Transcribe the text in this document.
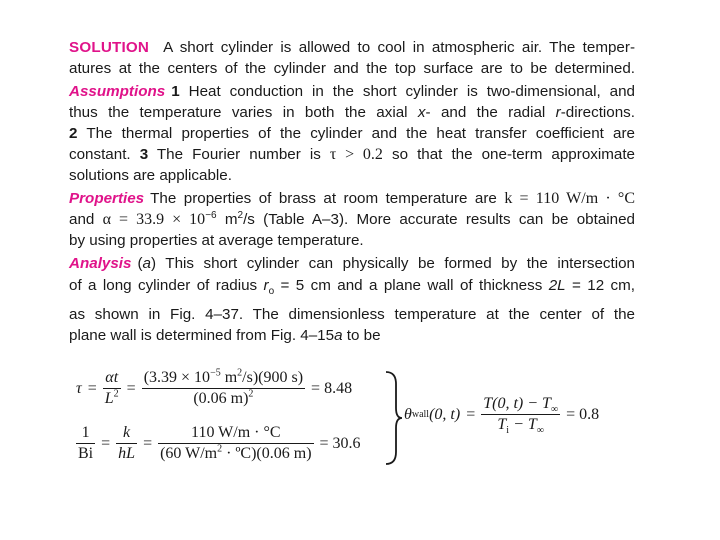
SOLUTION A short cylinder is allowed to cool in atmospheric air. The temper-
atures at the centers of the cylinder and the top surface are to be determined.
Assumptions 1 Heat conduction in the short cylinder is two-dimensional, and
thus the temperature varies in both the axial x- and the radial r-directions.
2 The thermal properties of the cylinder and the heat transfer coefficient are
constant. 3 The Fourier number is τ > 0.2 so that the one-term approximate
solutions are applicable.
Properties The properties of brass at room temperature are k = 110 W/m · °C
and $\alpha = 33.9 \times 10^{-6}$ $m^2/s$ (Table A–3). More accurate results can be obtained
by using properties at average temperature.
Analysis (a) This short cylinder can physically be formed by the intersection
of a long cylinder of radius $r_o = 5$ cm and a plane wall of thickness 2L = 12 cm,
as shown in Fig. 4–37. The dimensionless temperature at the center of the
plane wall is determined from Fig. 4–15a to be
$\tau = \frac{\alpha t}{L^2} = \frac{(3.39 \times 10^{-5} m^2/s)(900 s)}{(0.06 m)^2} = 8.48$
$\frac{1}{Bi} = \frac{k}{hL} = \frac{110 W/m \cdot ^\circ C}{(60 W/m^2 \cdot ºC)(0.06 m)} = 30.6$
θ wall (0, $t) = \frac{T(0, t) - T_\infty}{T_i - T_\infty} = 0.8$
